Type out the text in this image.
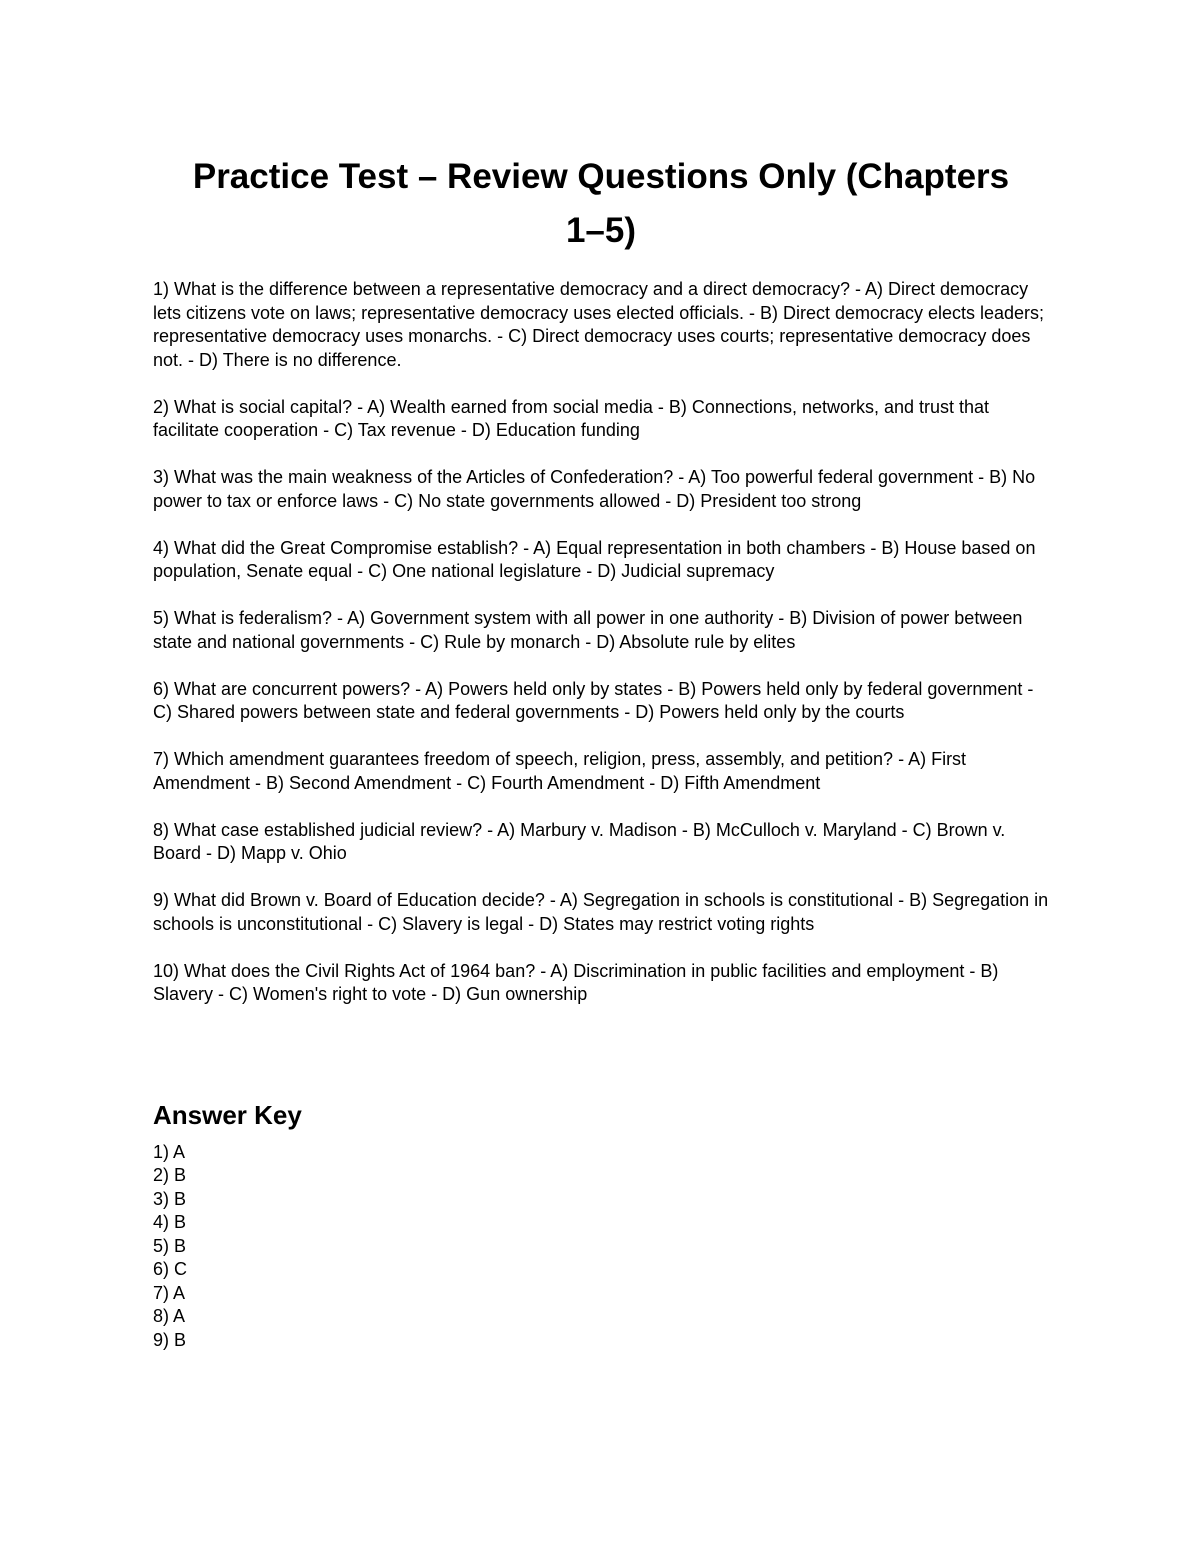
Practice Test – Review Questions Only (Chapters 1–5)
1) What is the difference between a representative democracy and a direct democracy? - A) Direct democracy lets citizens vote on laws; representative democracy uses elected officials. - B) Direct democracy elects leaders; representative democracy uses monarchs. - C) Direct democracy uses courts; representative democracy does not. - D) There is no difference.
2) What is social capital? - A) Wealth earned from social media - B) Connections, networks, and trust that facilitate cooperation - C) Tax revenue - D) Education funding
3) What was the main weakness of the Articles of Confederation? - A) Too powerful federal government - B) No power to tax or enforce laws - C) No state governments allowed - D) President too strong
4) What did the Great Compromise establish? - A) Equal representation in both chambers - B) House based on population, Senate equal - C) One national legislature - D) Judicial supremacy
5) What is federalism? - A) Government system with all power in one authority - B) Division of power between state and national governments - C) Rule by monarch - D) Absolute rule by elites
6) What are concurrent powers? - A) Powers held only by states - B) Powers held only by federal government - C) Shared powers between state and federal governments - D) Powers held only by the courts
7) Which amendment guarantees freedom of speech, religion, press, assembly, and petition? - A) First Amendment - B) Second Amendment - C) Fourth Amendment - D) Fifth Amendment
8) What case established judicial review? - A) Marbury v. Madison - B) McCulloch v. Maryland - C) Brown v. Board - D) Mapp v. Ohio
9) What did Brown v. Board of Education decide? - A) Segregation in schools is constitutional - B) Segregation in schools is unconstitutional - C) Slavery is legal - D) States may restrict voting rights
10) What does the Civil Rights Act of 1964 ban? - A) Discrimination in public facilities and employment - B) Slavery - C) Women's right to vote - D) Gun ownership
Answer Key
1) A
2) B
3) B
4) B
5) B
6) C
7) A
8) A
9) B
